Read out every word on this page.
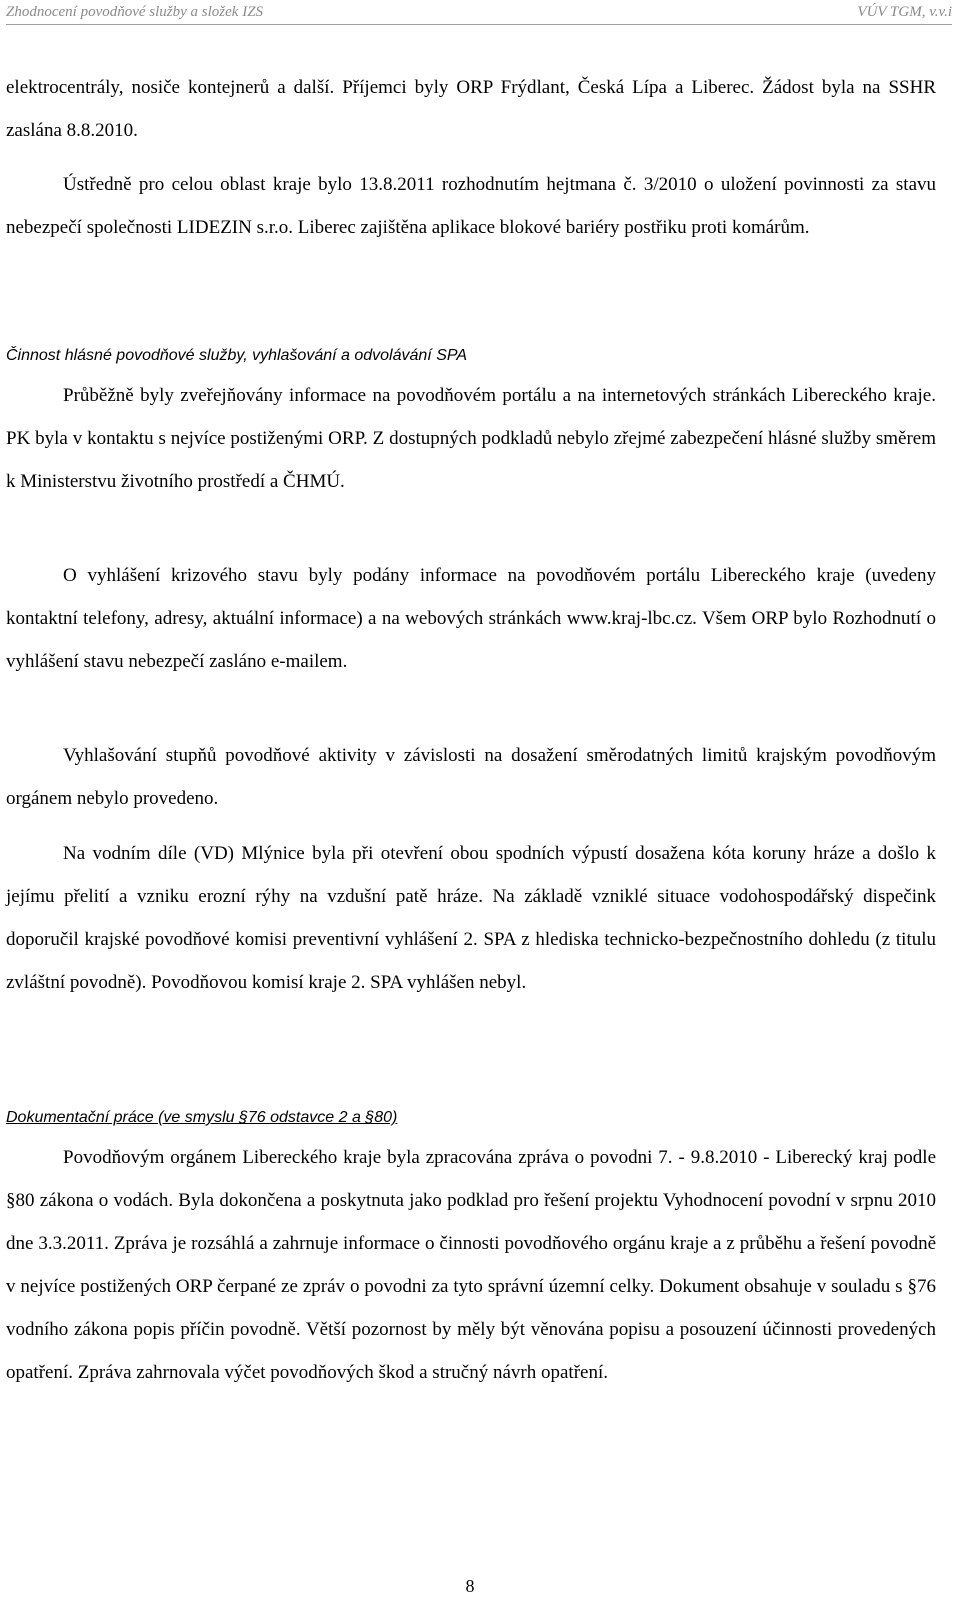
Zhodnocení povodňové služby a složek IZS	VÚV TGM, v.v.i
elektrocentrály, nosiče kontejnerů a další. Příjemci byly ORP Frýdlant, Česká Lípa a Liberec. Žádost byla na SSHR zaslána 8.8.2010.
Ústředně pro celou oblast kraje bylo 13.8.2011 rozhodnutím hejtmana č. 3/2010 o uložení povinnosti za stavu nebezpečí společnosti LIDEZIN s.r.o. Liberec zajištěna aplikace blokové bariéry postřiku proti komárům.
Činnost hlásné povodňové služby, vyhlašování a odvolávání SPA
Průběžně byly zveřejňovány informace na povodňovém portálu a na internetových stránkách Libereckého kraje. PK byla v kontaktu s nejvíce postiženými ORP. Z dostupných podkladů nebylo zřejmé zabezpečení hlásné služby směrem k Ministerstvu životního prostředí a ČHMÚ.
O vyhlášení krizového stavu byly podány informace na povodňovém portálu Libereckého kraje (uvedeny kontaktní telefony, adresy, aktuální informace) a na webových stránkách www.kraj-lbc.cz. Všem ORP bylo Rozhodnutí o vyhlášení stavu nebezpečí zasláno e-mailem.
Vyhlašování stupňů povodňové aktivity v závislosti na dosažení směrodatných limitů krajským povodňovým orgánem nebylo provedeno.
Na vodním díle (VD) Mlýnice byla při otevření obou spodních výpustí dosažena kóta koruny hráze a došlo k jejímu přelití a vzniku erozní rýhy na vzdušní patě hráze. Na základě vzniklé situace vodohospodářský dispečink doporučil krajské povodňové komisi preventivní vyhlášení 2. SPA z hlediska technicko-bezpečnostního dohledu (z titulu zvláštní povodně). Povodňovou komisí kraje 2. SPA vyhlášen nebyl.
Dokumentační práce (ve smyslu §76 odstavce 2 a §80)
Povodňovým orgánem Libereckého kraje byla zpracována zpráva o povodni 7. - 9.8.2010 - Liberecký kraj podle §80 zákona o vodách. Byla dokončena a poskytnuta jako podklad pro řešení projektu Vyhodnocení povodní v srpnu 2010 dne 3.3.2011. Zpráva je rozsáhlá a zahrnuje informace o činnosti povodňového orgánu kraje a z průběhu a řešení povodně v nejvíce postižených ORP čerpané ze zpráv o povodni za tyto správní územní celky. Dokument obsahuje v souladu s §76 vodního zákona popis příčin povodně. Větší pozornost by měly být věnována popisu a posouzení účinnosti provedených opatření. Zpráva zahrnovala výčet povodňových škod a stručný návrh opatření.
8
